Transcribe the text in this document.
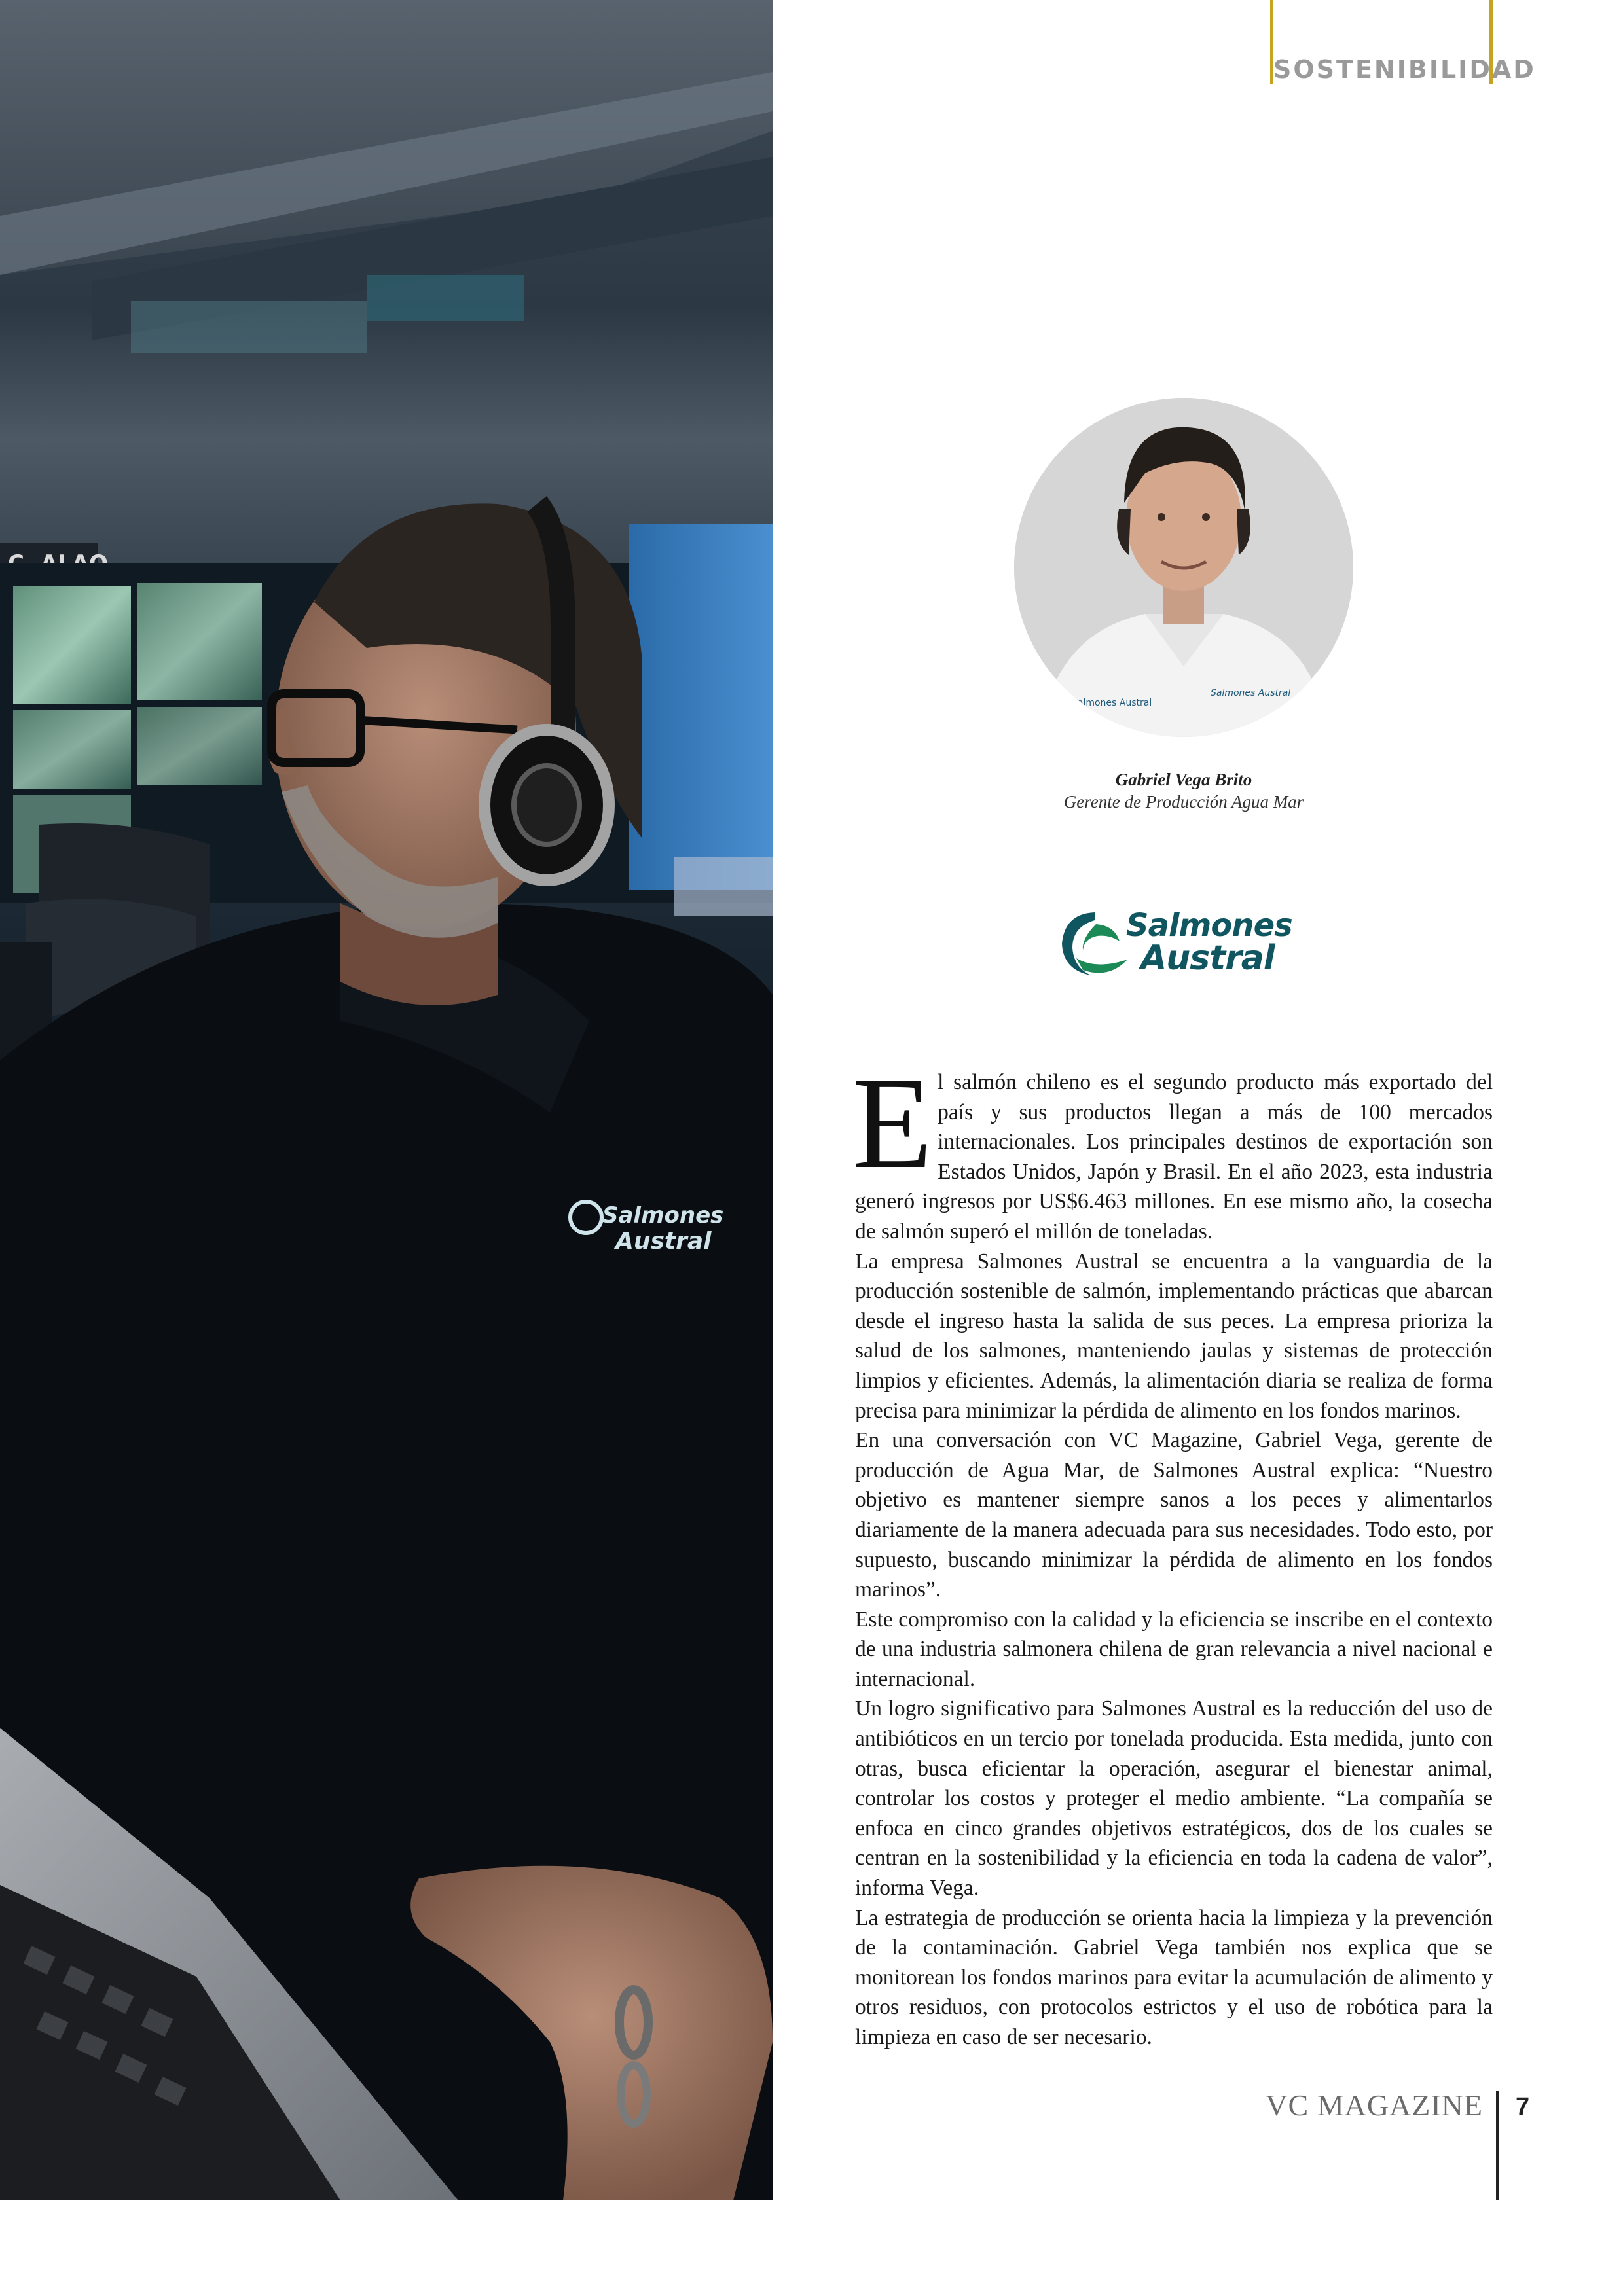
Salmones
Austral
SOSTENIBILIDAD
Salmones Austral
Salmones Austral
Gabriel Vega Brito
Gerente de Producción Agua Mar
Salmones
Austral

El salmón chileno es el segundo producto más exportado del país y sus productos llegan a más de 100 mercados internacionales. Los principales destinos de exportación son Estados Unidos, Japón y Brasil. En el año 2023, esta industria generó ingresos por US$6.463 millones. En ese mismo año, la cosecha de salmón superó el millón de toneladas.

La empresa Salmones Austral se encuentra a la vanguardia de la producción sostenible de salmón, implementando prácticas que abarcan desde el ingreso hasta la salida de sus peces. La empresa prioriza la salud de los salmones, manteniendo jaulas y sistemas de protección limpios y eficientes. Además, la alimentación diaria se realiza de forma precisa para minimizar la pérdida de alimento en los fondos marinos.

En una conversación con VC Magazine, Gabriel Vega, gerente de producción de Agua Mar, de Salmones Austral explica: “Nuestro objetivo es mantener siempre sanos a los peces y alimentarlos diariamente de la manera adecuada para sus necesidades. Todo esto, por supuesto, buscando minimizar la pérdida de alimento en los fondos marinos”.

Este compromiso con la calidad y la eficiencia se inscribe en el contexto de una industria salmonera chilena de gran relevancia a nivel nacional e internacional.

Un logro significativo para Salmones Austral es la reducción del uso de antibióticos en un tercio por tonelada producida. Esta medida, junto con otras, busca eficientar la operación, asegurar el bienestar animal, controlar los costos y proteger el medio ambiente. “La compañía se enfoca en cinco grandes objetivos estratégicos, dos de los cuales se centran en la sostenibilidad y la eficiencia en toda la cadena de valor”, informa Vega.

La estrategia de producción se orienta hacia la limpieza y la prevención de la contaminación. Gabriel Vega también nos explica que se monitorean los fondos marinos para evitar la acumulación de alimento y otros residuos, con protocolos estrictos y el uso de robótica para la limpieza en caso de ser necesario.

VC MAGAZINE 7
